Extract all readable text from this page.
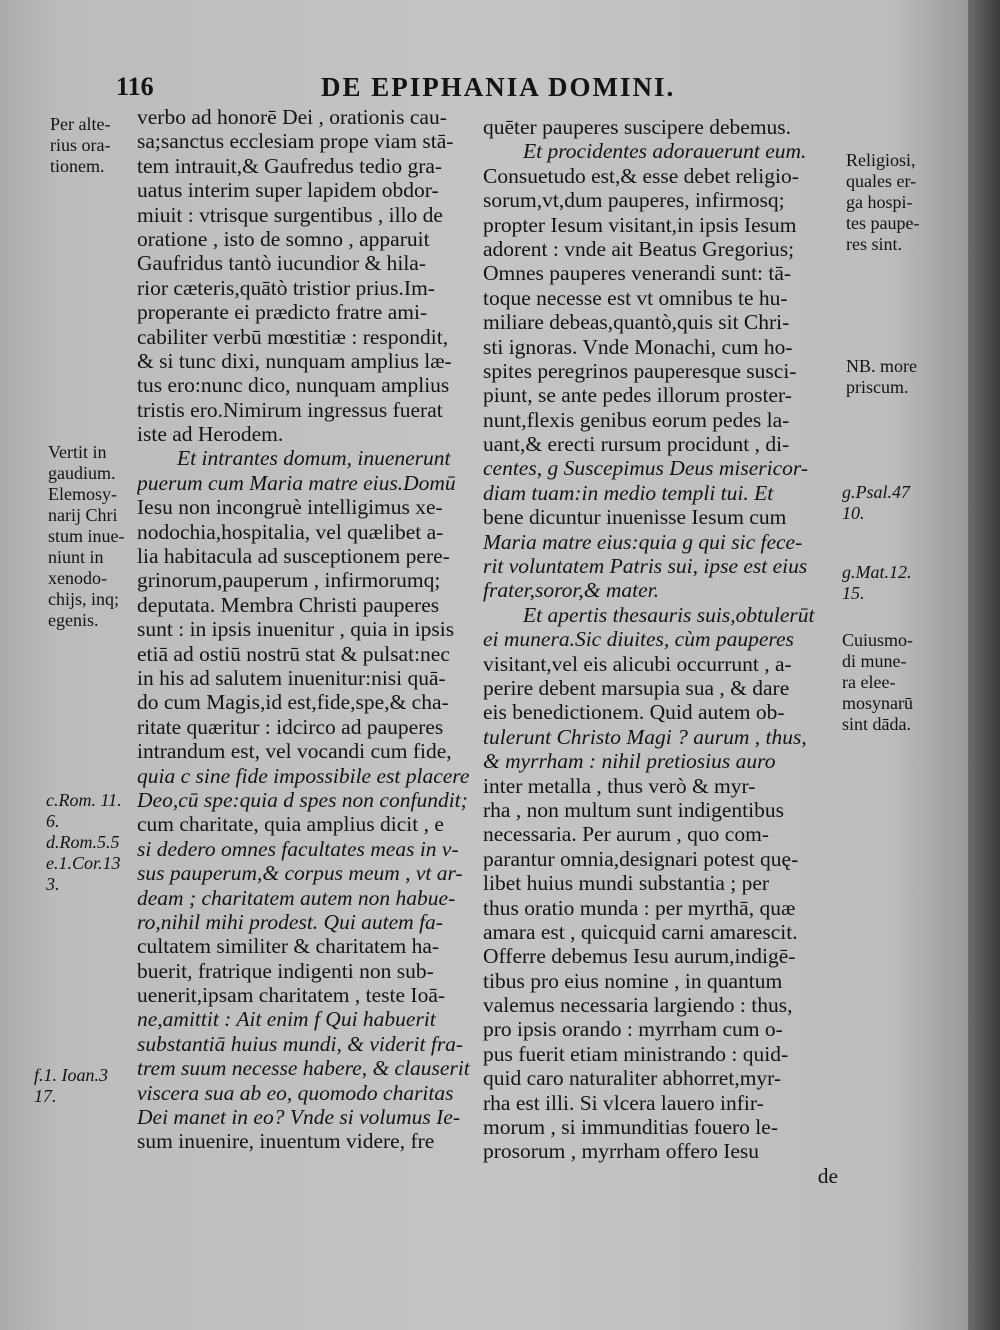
116	DE EPIPHANIA DOMINI.
Per alte-
rius ora-
tionem.
Vertit in
gaudium.
Elemosy-
narij Chri
stum inue-
niunt in
xenodo-
chijs, inq;
egenis.
c.Rom. 11.
6.
d.Rom.5.5
e.1.Cor.13
3.
f.1. Ioan.3
17.
Religiosi,
quales er-
ga hospi-
tes paupe-
res sint.
NB. more
priscum.
g.Psal.47
10.
g.Mat.12.
15.
Cuiusmo-
di mune-
ra elee-
mosynarū
sint dāda.
verbo ad honorē Dei , orationis cau-
sa;sanctus ecclesiam prope viam stā-
tem intrauit,& Gaufredus tedio gra-
uatus interim super lapidem obdor-
miuit : vtrisque surgentibus , illo de
oratione , isto de somno , apparuit
Gaufridus tantò iucundior & hila-
rior cæteris,quātò tristior prius.Im-
properante ei prædicto fratre ami-
cabiliter verbū mœstitiæ : respondit,
& si tunc dixi, nunquam amplius læ-
tus ero:nunc dico, nunquam amplius
tristis ero.Nimirum ingressus fuerat
iste ad Herodem.
Et intrantes domum, inuenerunt
puerum cum Maria matre eius.Domū
Iesu non incongruè intelligimus xe-
nodochia,hospitalia, vel quælibet a-
lia habitacula ad susceptionem pere-
grinorum,pauperum , infirmorumq;
deputata. Membra Christi pauperes
sunt : in ipsis inuenitur , quia in ipsis
etiā ad ostiū nostrū stat & pulsat:nec
in his ad salutem inuenitur:nisi quā-
do cum Magis,id est,fide,spe,& cha-
ritate quæritur : idcirco ad pauperes
intrandum est, vel vocandi cum fide,
quia c sine fide impossibile est placere
Deo,cū spe:quia d spes non confundit;
cum charitate, quia amplius dicit , e
si dedero omnes facultates meas in v-
sus pauperum,& corpus meum , vt ar-
deam ; charitatem autem non habue-
ro,nihil mihi prodest. Qui autem fa-
cultatem similiter & charitatem ha-
buerit, fratrique indigenti non sub-
uenerit,ipsam charitatem , teste Ioā-
ne,amittit : Ait enim f Qui habuerit
substantiā huius mundi, & viderit fra-
trem suum necesse habere, & clauserit
viscera sua ab eo, quomodo charitas
Dei manet in eo? Vnde si volumus Ie-
sum inuenire, inuentum videre, fre
quēter pauperes suscipere debemus.
Et procidentes adorauerunt eum.
Consuetudo est,& esse debet religio-
sorum,vt,dum pauperes, infirmosq;
propter Iesum visitant,in ipsis Iesum
adorent : vnde ait Beatus Gregorius;
Omnes pauperes venerandi sunt: tā-
toque necesse est vt omnibus te hu-
miliare debeas,quantò,quis sit Chri-
sti ignoras. Vnde Monachi, cum ho-
spites peregrinos pauperesque susci-
piunt, se ante pedes illorum proster-
nunt,flexis genibus eorum pedes la-
uant,& erecti rursum procidunt , di-
centes, g Suscepimus Deus misericor-
diam tuam:in medio templi tui. Et
bene dicuntur inuenisse Iesum cum
Maria matre eius:quia g qui sic fece-
rit voluntatem Patris sui, ipse est eius
frater,soror,& mater.
Et apertis thesauris suis,obtulerūt
ei munera.Sic diuites, cùm pauperes
visitant,vel eis alicubi occurrunt , a-
perire debent marsupia sua , & dare
eis benedictionem. Quid autem ob-
tulerunt Christo Magi ? aurum , thus,
& myrrham : nihil pretiosius auro
inter metalla , thus verò & myr-
rha , non multum sunt indigentibus
necessaria. Per aurum , quo com-
parantur omnia,designari potest quę-
libet huius mundi substantia ; per
thus oratio munda : per myrthā, quæ
amara est , quicquid carni amarescit.
Offerre debemus Iesu aurum,indigē-
tibus pro eius nomine , in quantum
valemus necessaria largiendo : thus,
pro ipsis orando : myrrham cum o-
pus fuerit etiam ministrando : quid-
quid caro naturaliter abhorret,myr-
rha est illi. Si vlcera lauero infir-
morum , si immunditias fouero le-
prosorum , myrrham offero Iesu
de
